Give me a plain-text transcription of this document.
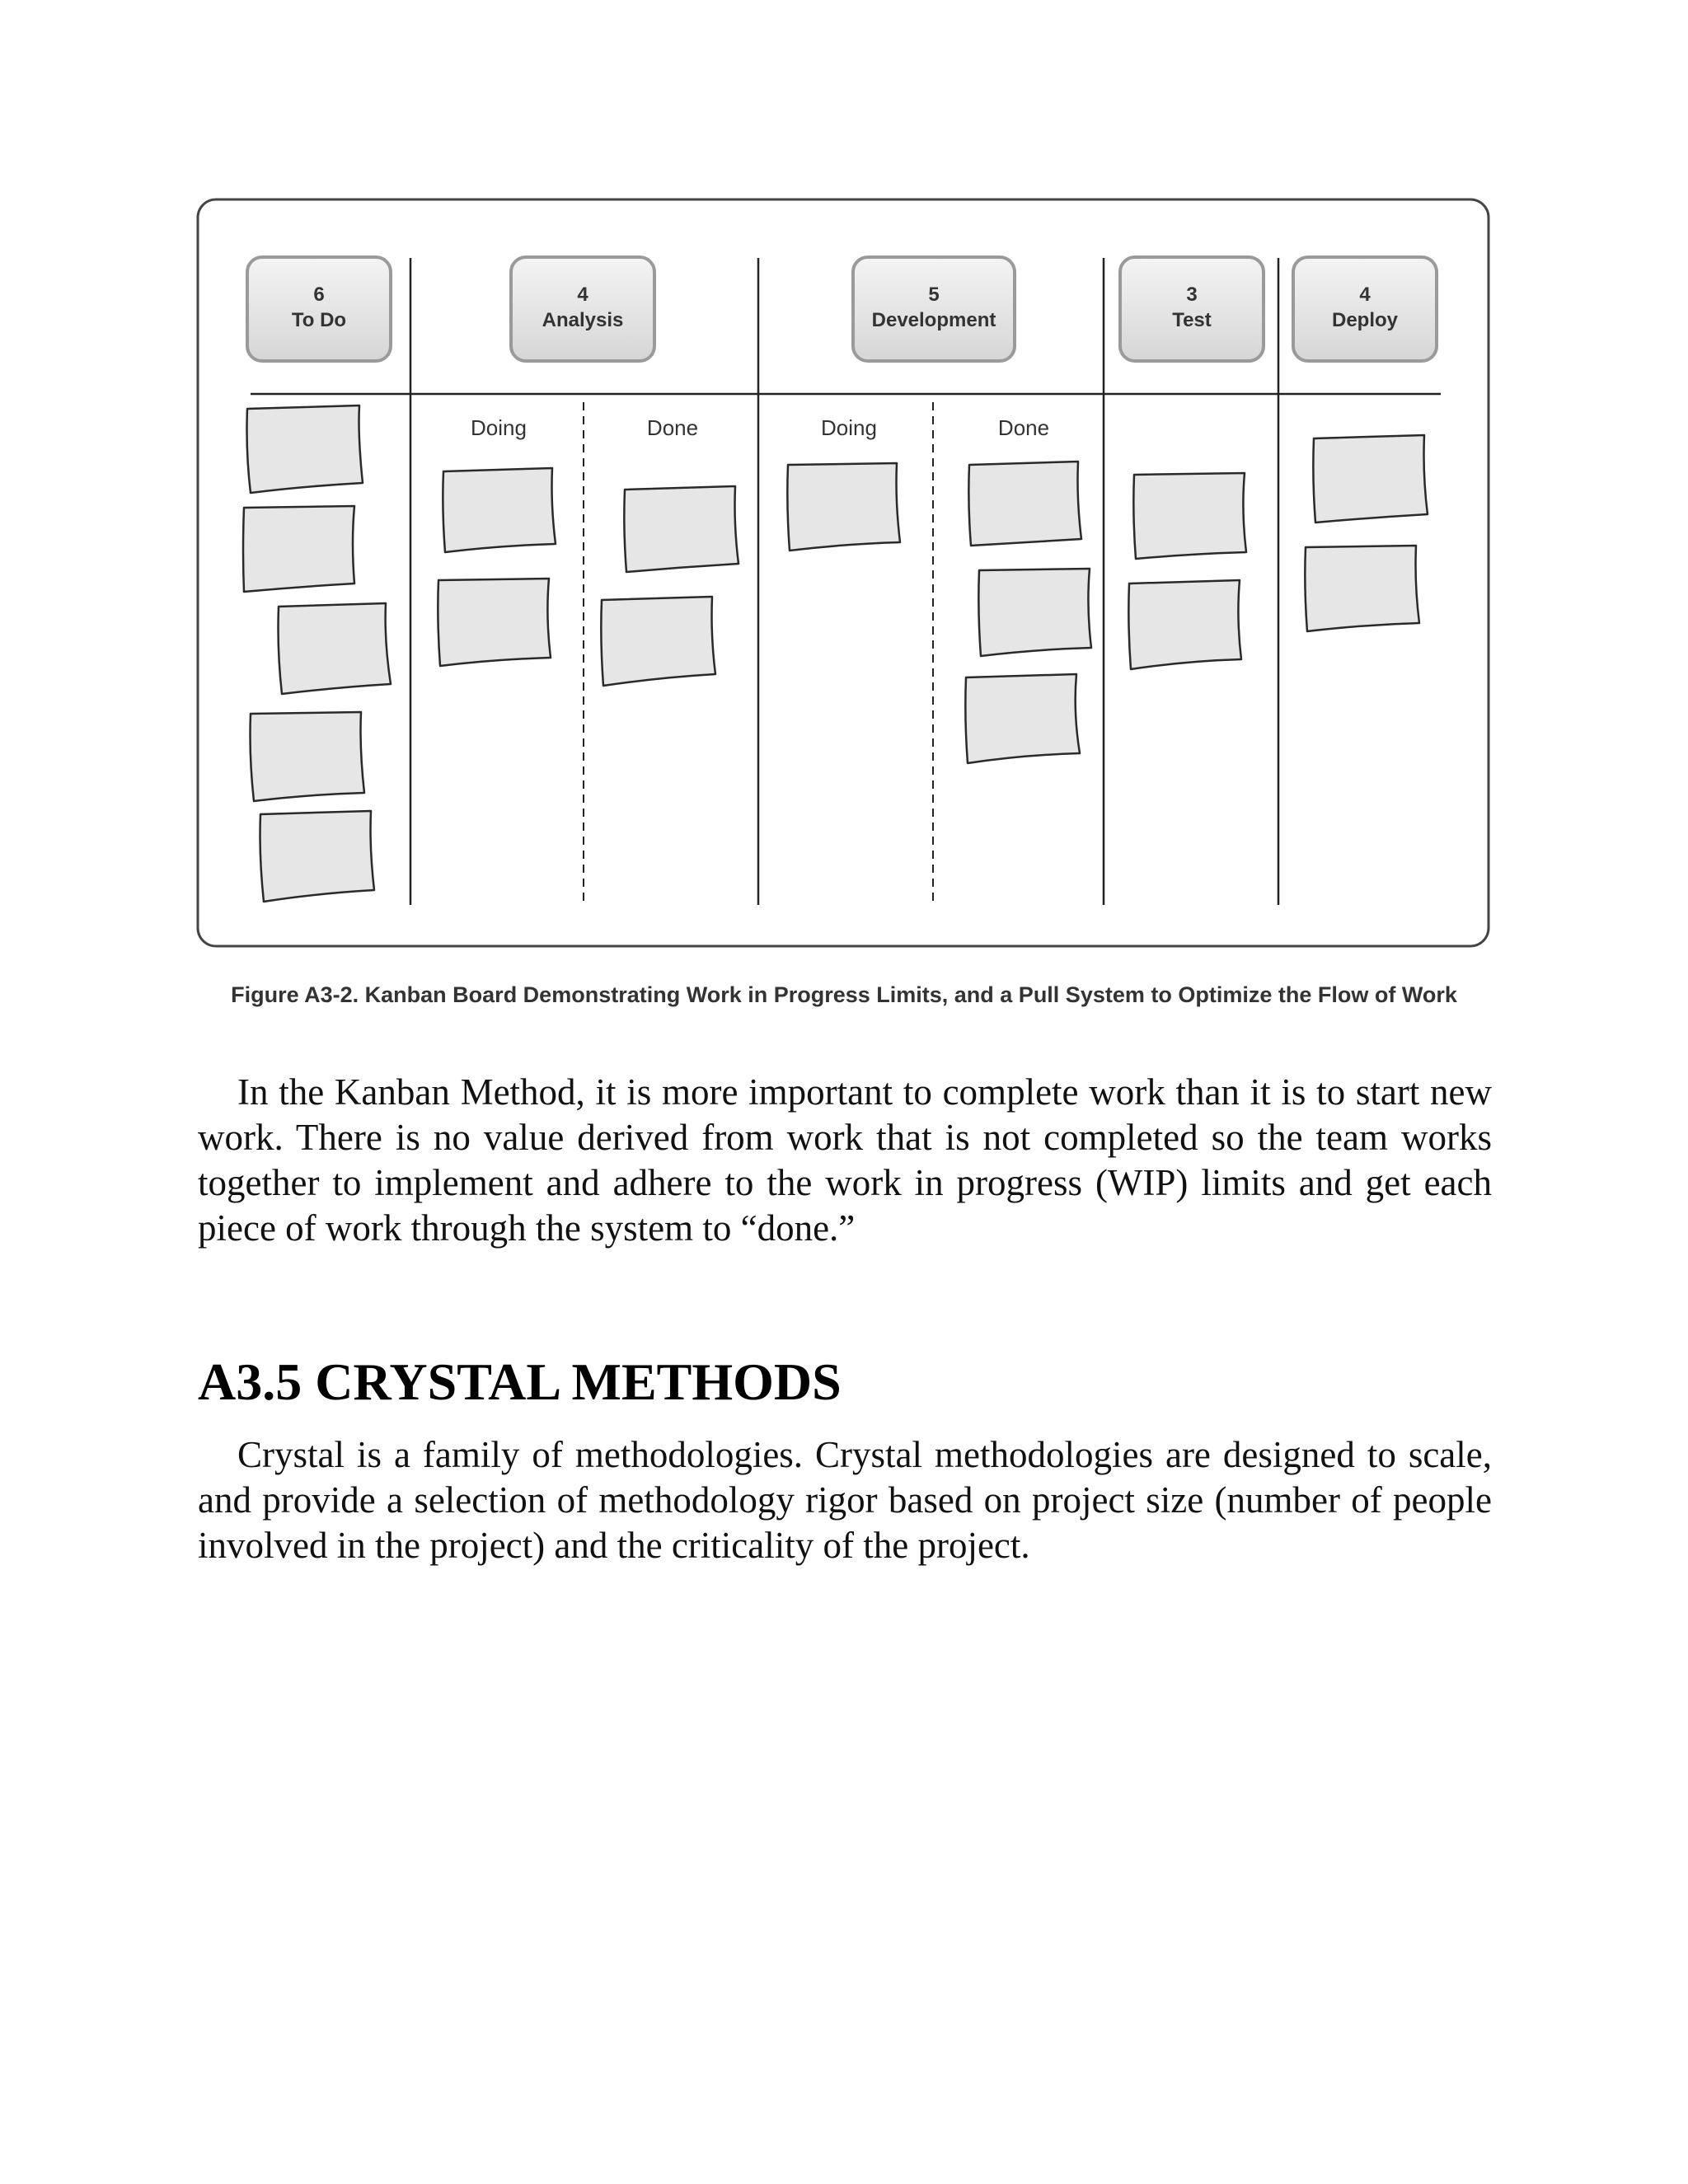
6
To Do
4
Analysis
5
Development
3
Test
4
Deploy
Doing	Done	Doing	Done
Figure A3-2. Kanban Board Demonstrating Work in Progress Limits, and a Pull System to Optimize the Flow of Work

In the Kanban Method, it is more important to complete work than it is to start new work. There is no value derived from work that is not completed so the team works together to implement and adhere to the work in progress (WIP) limits and get each piece of work through the system to “done.”

A3.5 CRYSTAL METHODS

Crystal is a family of methodologies. Crystal methodologies are designed to scale, and provide a selection of methodology rigor based on project size (number of people involved in the project) and the criticality of the project.
